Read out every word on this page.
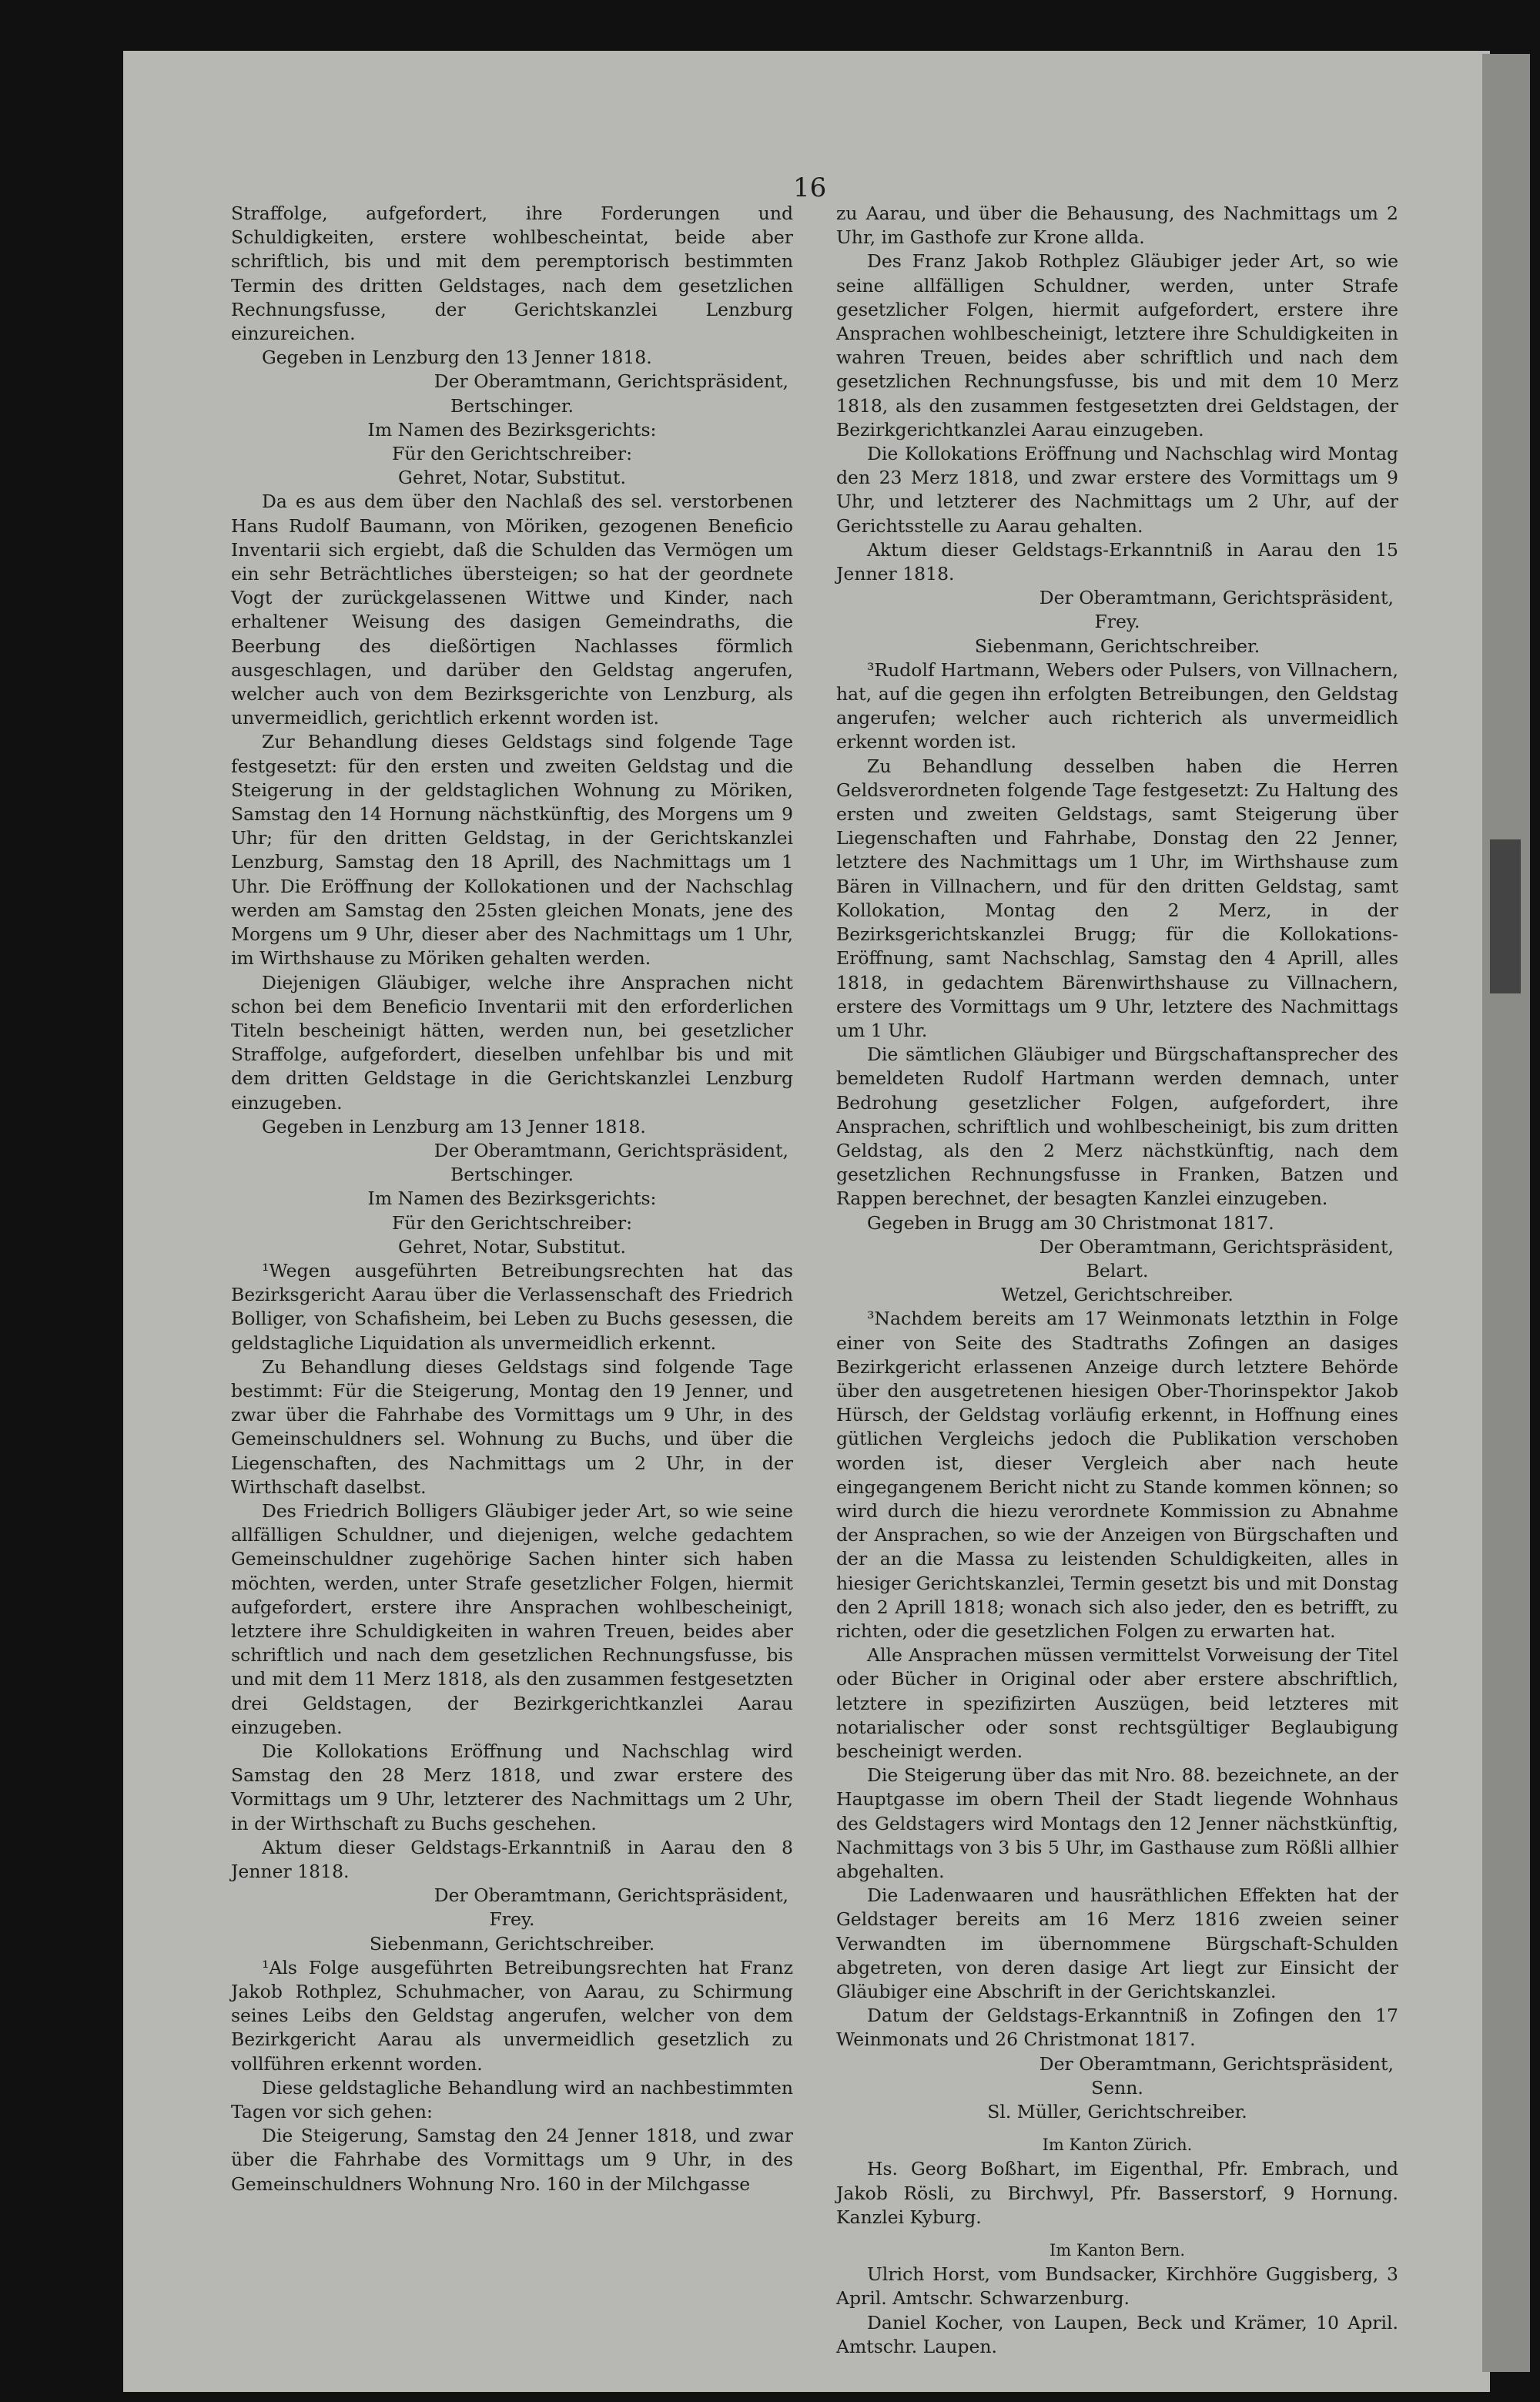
16

Straffolge, aufgefordert, ihre Forderungen und Schuldigkeiten, erstere wohlbescheintat, beide aber schriftlich, bis und mit dem peremptorisch bestimmten Termin des dritten Geldstages, nach dem gesetzlichen Rechnungsfusse, der Gerichtskanzlei Lenzburg einzureichen.

Gegeben in Lenzburg den 13 Jenner 1818.

Der Oberamtmann, Gerichtspräsident,

Bertschinger.

Im Namen des Bezirksgerichts:

Für den Gerichtschreiber:

Gehret, Notar, Substitut.

Da es aus dem über den Nachlaß des sel. verstorbenen Hans Rudolf Baumann, von Möriken, gezogenen Beneficio Inventarii sich ergiebt, daß die Schulden das Vermögen um ein sehr Beträchtliches übersteigen; so hat der geordnete Vogt der zurückgelassenen Wittwe und Kinder, nach erhaltener Weisung des dasigen Gemeindraths, die Beerbung des dießörtigen Nachlasses förmlich ausgeschlagen, und darüber den Geldstag angerufen, welcher auch von dem Bezirksgerichte von Lenzburg, als unvermeidlich, gerichtlich erkennt worden ist.

Zur Behandlung dieses Geldstags sind folgende Tage festgesetzt: für den ersten und zweiten Geldstag und die Steigerung in der geldstaglichen Wohnung zu Möriken, Samstag den 14 Hornung nächstkünftig, des Morgens um 9 Uhr; für den dritten Geldstag, in der Gerichtskanzlei Lenzburg, Samstag den 18 Aprill, des Nachmittags um 1 Uhr. Die Eröffnung der Kollokationen und der Nachschlag werden am Samstag den 25sten gleichen Monats, jene des Morgens um 9 Uhr, dieser aber des Nachmittags um 1 Uhr, im Wirthshause zu Möriken gehalten werden.

Diejenigen Gläubiger, welche ihre Ansprachen nicht schon bei dem Beneficio Inventarii mit den erforderlichen Titeln bescheinigt hätten, werden nun, bei gesetzlicher Straffolge, aufgefordert, dieselben unfehlbar bis und mit dem dritten Geldstage in die Gerichtskanzlei Lenzburg einzugeben.

Gegeben in Lenzburg am 13 Jenner 1818.

Der Oberamtmann, Gerichtspräsident,

Bertschinger.

Im Namen des Bezirksgerichts:

Für den Gerichtschreiber:

Gehret, Notar, Substitut.

¹Wegen ausgeführten Betreibungsrechten hat das Bezirksgericht Aarau über die Verlassenschaft des Friedrich Bolliger, von Schafisheim, bei Leben zu Buchs gesessen, die geldstagliche Liquidation als unvermeidlich erkennt.

Zu Behandlung dieses Geldstags sind folgende Tage bestimmt: Für die Steigerung, Montag den 19 Jenner, und zwar über die Fahrhabe des Vormittags um 9 Uhr, in des Gemeinschuldners sel. Wohnung zu Buchs, und über die Liegenschaften, des Nachmittags um 2 Uhr, in der Wirthschaft daselbst.

Des Friedrich Bolligers Gläubiger jeder Art, so wie seine allfälligen Schuldner, und diejenigen, welche gedachtem Gemeinschuldner zugehörige Sachen hinter sich haben möchten, werden, unter Strafe gesetzlicher Folgen, hiermit aufgefordert, erstere ihre Ansprachen wohlbescheinigt, letztere ihre Schuldigkeiten in wahren Treuen, beides aber schriftlich und nach dem gesetzlichen Rechnungsfusse, bis und mit dem 11 Merz 1818, als den zusammen festgesetzten drei Geldstagen, der Bezirkgerichtkanzlei Aarau einzugeben.

Die Kollokations Eröffnung und Nachschlag wird Samstag den 28 Merz 1818, und zwar erstere des Vormittags um 9 Uhr, letzterer des Nachmittags um 2 Uhr, in der Wirthschaft zu Buchs geschehen.

Aktum dieser Geldstags-Erkanntniß in Aarau den 8 Jenner 1818.

Der Oberamtmann, Gerichtspräsident,

Frey.

Siebenmann, Gerichtschreiber.

¹Als Folge ausgeführten Betreibungsrechten hat Franz Jakob Rothplez, Schuhmacher, von Aarau, zu Schirmung seines Leibs den Geldstag angerufen, welcher von dem Bezirkgericht Aarau als unvermeidlich gesetzlich zu vollführen erkennt worden.

Diese geldstagliche Behandlung wird an nachbestimmten Tagen vor sich gehen:

Die Steigerung, Samstag den 24 Jenner 1818, und zwar über die Fahrhabe des Vormittags um 9 Uhr, in des Gemeinschuldners Wohnung Nro. 160 in der Milchgasse

zu Aarau, und über die Behausung, des Nachmittags um 2 Uhr, im Gasthofe zur Krone allda.

Des Franz Jakob Rothplez Gläubiger jeder Art, so wie seine allfälligen Schuldner, werden, unter Strafe gesetzlicher Folgen, hiermit aufgefordert, erstere ihre Ansprachen wohlbescheinigt, letztere ihre Schuldigkeiten in wahren Treuen, beides aber schriftlich und nach dem gesetzlichen Rechnungsfusse, bis und mit dem 10 Merz 1818, als den zusammen festgesetzten drei Geldstagen, der Bezirkgerichtkanzlei Aarau einzugeben.

Die Kollokations Eröffnung und Nachschlag wird Montag den 23 Merz 1818, und zwar erstere des Vormittags um 9 Uhr, und letzterer des Nachmittags um 2 Uhr, auf der Gerichtsstelle zu Aarau gehalten.

Aktum dieser Geldstags-Erkanntniß in Aarau den 15 Jenner 1818.

Der Oberamtmann, Gerichtspräsident,

Frey.

Siebenmann, Gerichtschreiber.

³Rudolf Hartmann, Webers oder Pulsers, von Villnachern, hat, auf die gegen ihn erfolgten Betreibungen, den Geldstag angerufen; welcher auch richterich als unvermeidlich erkennt worden ist.

Zu Behandlung desselben haben die Herren Geldsverordneten folgende Tage festgesetzt: Zu Haltung des ersten und zweiten Geldstags, samt Steigerung über Liegenschaften und Fahrhabe, Donstag den 22 Jenner, letztere des Nachmittags um 1 Uhr, im Wirthshause zum Bären in Villnachern, und für den dritten Geldstag, samt Kollokation, Montag den 2 Merz, in der Bezirksgerichtskanzlei Brugg; für die Kollokations-Eröffnung, samt Nachschlag, Samstag den 4 Aprill, alles 1818, in gedachtem Bärenwirthshause zu Villnachern, erstere des Vormittags um 9 Uhr, letztere des Nachmittags um 1 Uhr.

Die sämtlichen Gläubiger und Bürgschaftansprecher des bemeldeten Rudolf Hartmann werden demnach, unter Bedrohung gesetzlicher Folgen, aufgefordert, ihre Ansprachen, schriftlich und wohlbescheinigt, bis zum dritten Geldstag, als den 2 Merz nächstkünftig, nach dem gesetzlichen Rechnungsfusse in Franken, Batzen und Rappen berechnet, der besagten Kanzlei einzugeben.

Gegeben in Brugg am 30 Christmonat 1817.

Der Oberamtmann, Gerichtspräsident,

Belart.

Wetzel, Gerichtschreiber.

³Nachdem bereits am 17 Weinmonats letzthin in Folge einer von Seite des Stadtraths Zofingen an dasiges Bezirkgericht erlassenen Anzeige durch letztere Behörde über den ausgetretenen hiesigen Ober-Thorinspektor Jakob Hürsch, der Geldstag vorläufig erkennt, in Hoffnung eines gütlichen Vergleichs jedoch die Publikation verschoben worden ist, dieser Vergleich aber nach heute eingegangenem Bericht nicht zu Stande kommen können; so wird durch die hiezu verordnete Kommission zu Abnahme der Ansprachen, so wie der Anzeigen von Bürgschaften und der an die Massa zu leistenden Schuldigkeiten, alles in hiesiger Gerichtskanzlei, Termin gesetzt bis und mit Donstag den 2 Aprill 1818; wonach sich also jeder, den es betrifft, zu richten, oder die gesetzlichen Folgen zu erwarten hat.

Alle Ansprachen müssen vermittelst Vorweisung der Titel oder Bücher in Original oder aber erstere abschriftlich, letztere in spezifizirten Auszügen, beid letzteres mit notarialischer oder sonst rechtsgültiger Beglaubigung bescheinigt werden.

Die Steigerung über das mit Nro. 88. bezeichnete, an der Hauptgasse im obern Theil der Stadt liegende Wohnhaus des Geldstagers wird Montags den 12 Jenner nächstkünftig, Nachmittags von 3 bis 5 Uhr, im Gasthause zum Rößli allhier abgehalten.

Die Ladenwaaren und hausräthlichen Effekten hat der Geldstager bereits am 16 Merz 1816 zweien seiner Verwandten im übernommene Bürgschaft-Schulden abgetreten, von deren dasige Art liegt zur Einsicht der Gläubiger eine Abschrift in der Gerichtskanzlei.

Datum der Geldstags-Erkanntniß in Zofingen den 17 Weinmonats und 26 Christmonat 1817.

Der Oberamtmann, Gerichtspräsident,

Senn.

Sl. Müller, Gerichtschreiber.

Im Kanton Zürich.

Hs. Georg Boßhart, im Eigenthal, Pfr. Embrach, und Jakob Rösli, zu Birchwyl, Pfr. Basserstorf, 9 Hornung. Kanzlei Kyburg.

Im Kanton Bern.

Ulrich Horst, vom Bundsacker, Kirchhöre Guggisberg, 3 April. Amtschr. Schwarzenburg.

Daniel Kocher, von Laupen, Beck und Krämer, 10 April. Amtschr. Laupen.
